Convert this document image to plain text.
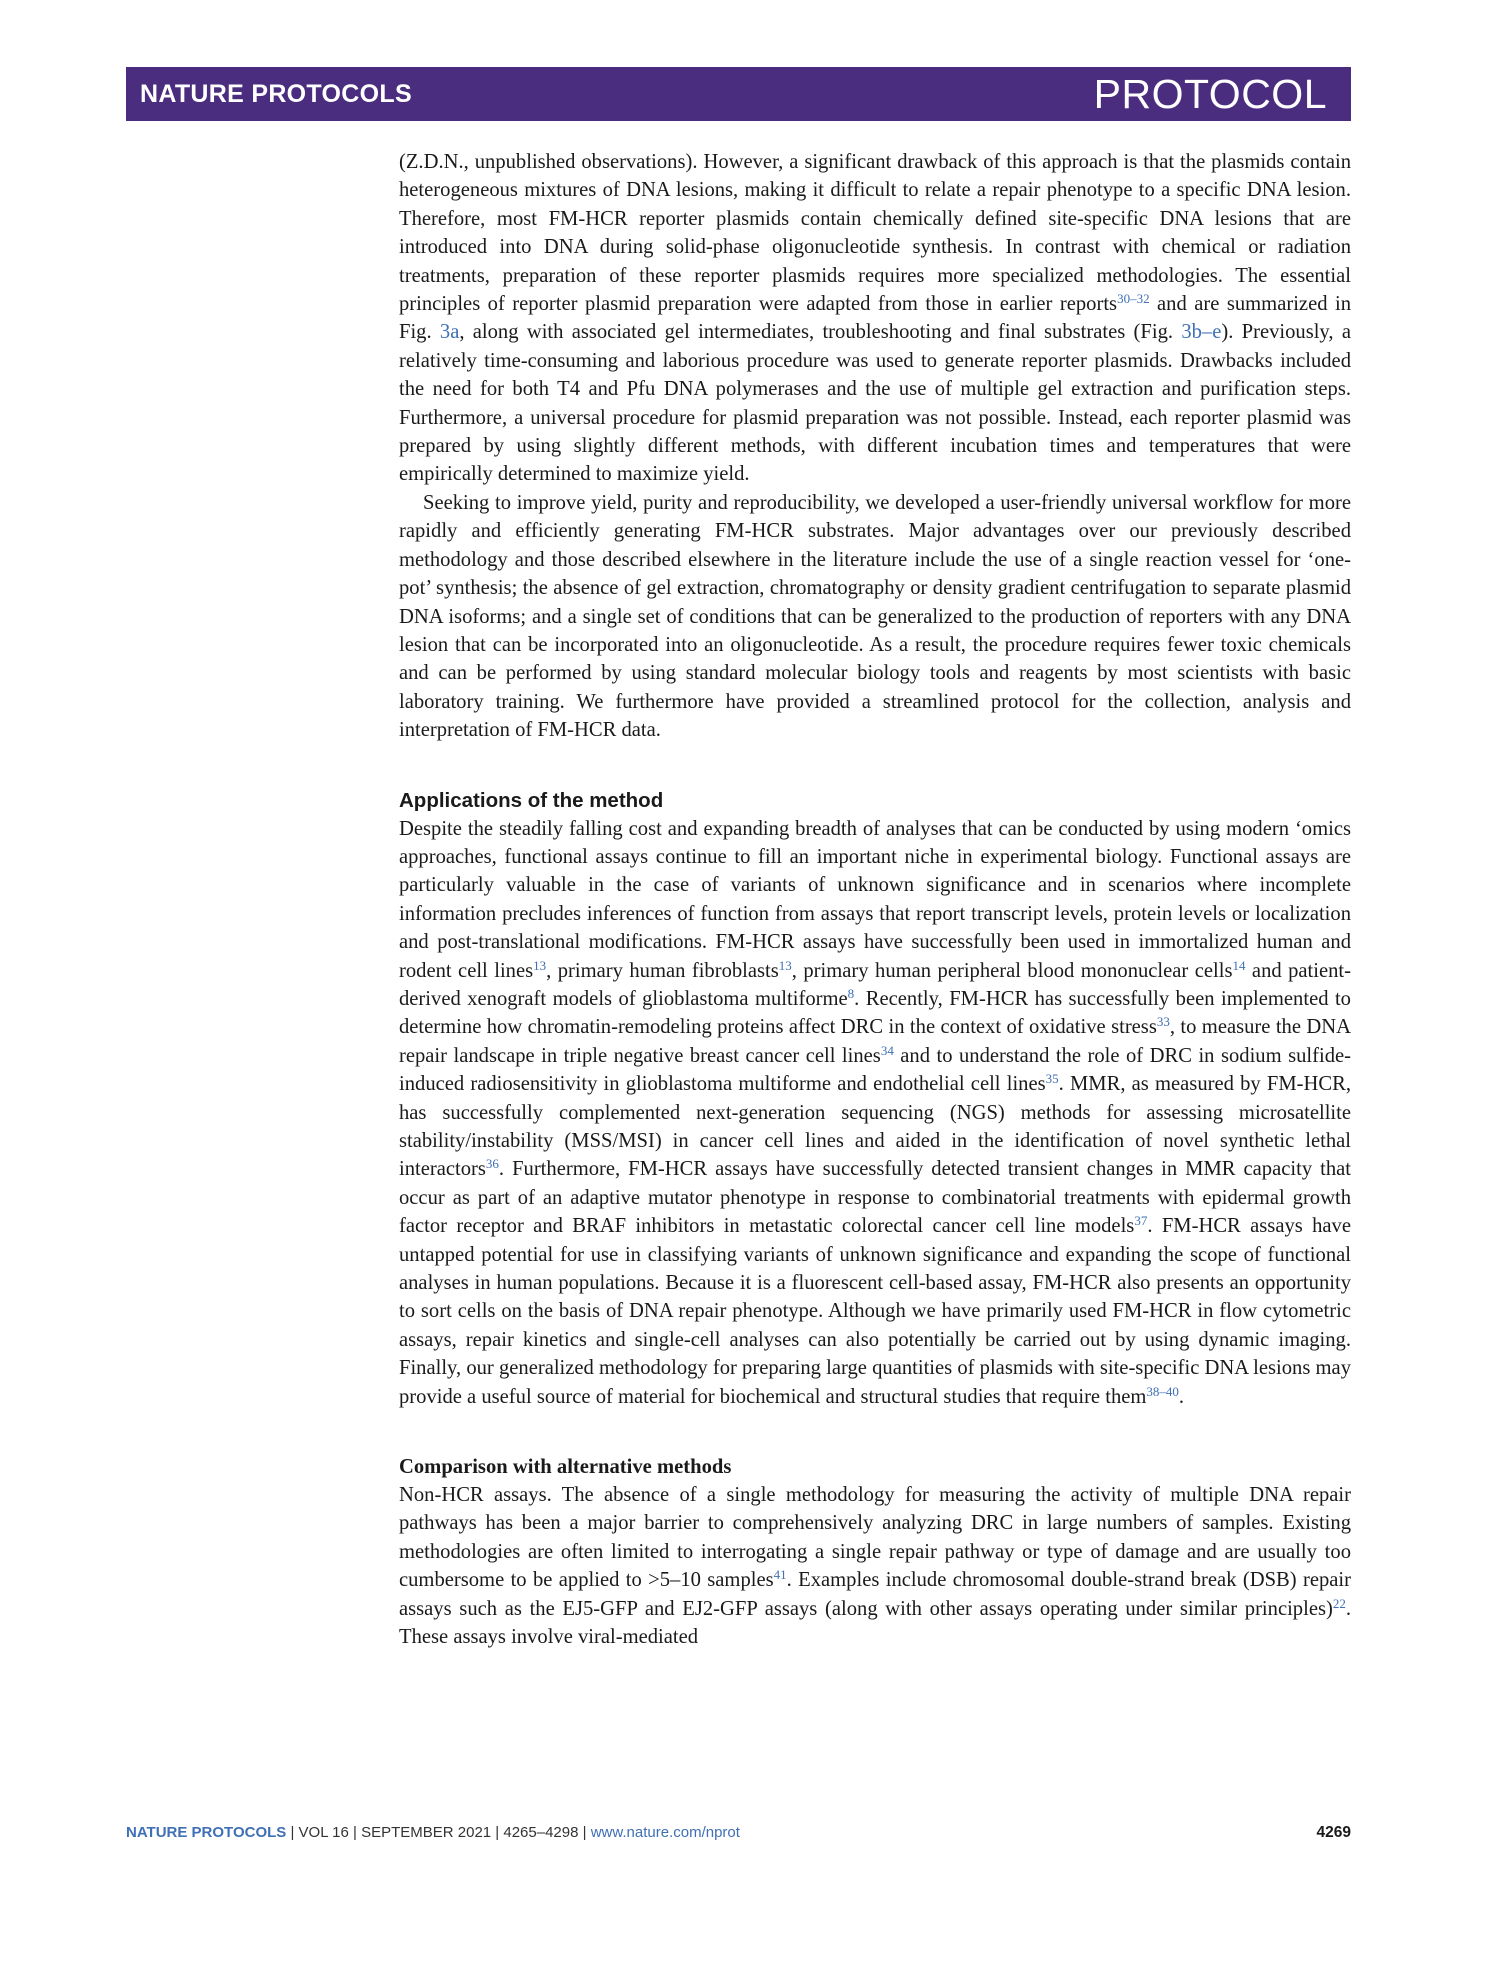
NATURE PROTOCOLS	PROTOCOL

(Z.D.N., unpublished observations). However, a significant drawback of this approach is that the plasmids contain heterogeneous mixtures of DNA lesions, making it difficult to relate a repair phenotype to a specific DNA lesion. Therefore, most FM-HCR reporter plasmids contain chemically defined site-specific DNA lesions that are introduced into DNA during solid-phase oligonucleotide synthesis. In contrast with chemical or radiation treatments, preparation of these reporter plasmids requires more specialized methodologies. The essential principles of reporter plasmid preparation were adapted from those in earlier reports$^{30-32}$ and are summarized in Fig. 3a, along with associated gel intermediates, troubleshooting and final substrates (Fig. 3b–e). Previously, a relatively time-consuming and laborious procedure was used to generate reporter plasmids. Drawbacks included the need for both T4 and Pfu DNA polymerases and the use of multiple gel extraction and purification steps. Furthermore, a universal procedure for plasmid preparation was not possible. Instead, each reporter plasmid was prepared by using slightly different methods, with different incubation times and temperatures that were empirically determined to maximize yield.

Seeking to improve yield, purity and reproducibility, we developed a user-friendly universal workflow for more rapidly and efficiently generating FM-HCR substrates. Major advantages over our previously described methodology and those described elsewhere in the literature include the use of a single reaction vessel for ‘one-pot’ synthesis; the absence of gel extraction, chromatography or density gradient centrifugation to separate plasmid DNA isoforms; and a single set of conditions that can be generalized to the production of reporters with any DNA lesion that can be incorporated into an oligonucleotide. As a result, the procedure requires fewer toxic chemicals and can be performed by using standard molecular biology tools and reagents by most scientists with basic laboratory training. We furthermore have provided a streamlined protocol for the collection, analysis and interpretation of FM-HCR data.

Applications of the method

Despite the steadily falling cost and expanding breadth of analyses that can be conducted by using modern ‘omics approaches, functional assays continue to fill an important niche in experimental biology. Functional assays are particularly valuable in the case of variants of unknown significance and in scenarios where incomplete information precludes inferences of function from assays that report transcript levels, protein levels or localization and post-translational modifications. FM-HCR assays have successfully been used in immortalized human and rodent cell lines$^{13}$, primary human fibroblasts$^{13}$, primary human peripheral blood mononuclear cells$^{14}$ and patient-derived xenograft models of glioblastoma multiforme$^8$. Recently, FM-HCR has successfully been implemented to determine how chromatin-remodeling proteins affect DRC in the context of oxidative stress$^{33}$, to measure the DNA repair landscape in triple negative breast cancer cell lines$^{34}$ and to understand the role of DRC in sodium sulfide-induced radiosensitivity in glioblastoma multiforme and endothelial cell lines$^{35}$. MMR, as measured by FM-HCR, has successfully complemented next-generation sequencing (NGS) methods for assessing microsatellite stability/instability (MSS/MSI) in cancer cell lines and aided in the identification of novel synthetic lethal interactors$^{36}$. Furthermore, FM-HCR assays have successfully detected transient changes in MMR capacity that occur as part of an adaptive mutator phenotype in response to combinatorial treatments with epidermal growth factor receptor and BRAF inhibitors in metastatic colorectal cancer cell line models$^{37}$. FM-HCR assays have untapped potential for use in classifying variants of unknown significance and expanding the scope of functional analyses in human populations. Because it is a fluorescent cell-based assay, FM-HCR also presents an opportunity to sort cells on the basis of DNA repair phenotype. Although we have primarily used FM-HCR in flow cytometric assays, repair kinetics and single-cell analyses can also potentially be carried out by using dynamic imaging. Finally, our generalized methodology for preparing large quantities of plasmids with site-specific DNA lesions may provide a useful source of material for biochemical and structural studies that require them$^{38-40}$.

Comparison with alternative methods

Non-HCR assays. The absence of a single methodology for measuring the activity of multiple DNA repair pathways has been a major barrier to comprehensively analyzing DRC in large numbers of samples. Existing methodologies are often limited to interrogating a single repair pathway or type of damage and are usually too cumbersome to be applied to >5–10 samples$^{41}$. Examples include chromosomal double-strand break (DSB) repair assays such as the EJ5-GFP and EJ2-GFP assays (along with other assays operating under similar principles)$^{22}$. These assays involve viral-mediated

NATURE PROTOCOLS | VOL 16 | SEPTEMBER 2021 | 4265–4298 | www.nature.com/nprot	4269
